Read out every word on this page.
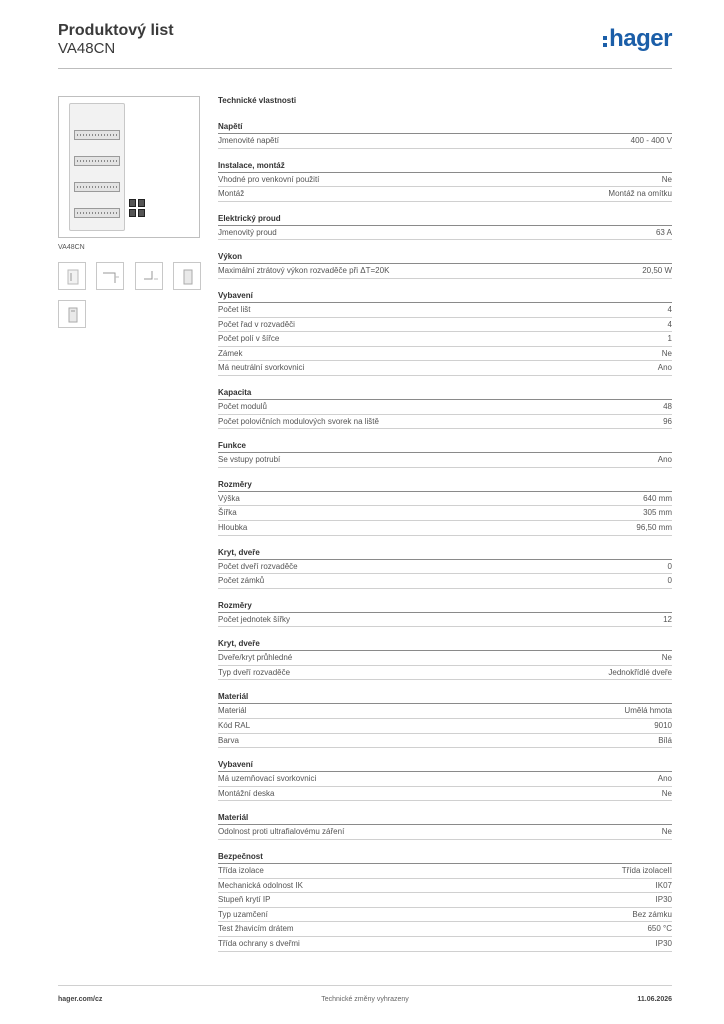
Produktový list
VA48CN	hager
VA48CN
Technické vlastnosti
Napětí
Jmenovité napětí	400 - 400 V
Instalace, montáž
Vhodné pro venkovní použití	Ne
Montáž	Montáž na omítku
Elektrický proud
Jmenovitý proud	63 A
Výkon
Maximální ztrátový výkon rozvaděče při ΔT=20K	20,50 W
Vybavení
Počet lišt	4
Počet řad v rozvaděči	4
Počet polí v šířce	1
Zámek	Ne
Má neutrální svorkovnici	Ano
Kapacita
Počet modulů	48
Počet polovičních modulových svorek na liště	96
Funkce
Se vstupy potrubí	Ano
Rozměry
Výška	640 mm
Šířka	305 mm
Hloubka	96,50 mm
Kryt, dveře
Počet dveří rozvaděče	0
Počet zámků	0
Rozměry
Počet jednotek šířky	12
Kryt, dveře
Dveře/kryt průhledné	Ne
Typ dveří rozvaděče	Jednokřídlé dveře
Materiál
Materiál	Umělá hmota
Kód RAL	9010
Barva	Bílá
Vybavení
Má uzemňovací svorkovnici	Ano
Montážní deska	Ne
Materiál
Odolnost proti ultrafialovému záření	Ne
Bezpečnost
Třída izolace	Třída izolaceII
Mechanická odolnost IK	IK07
Stupeň krytí IP	IP30
Typ uzamčení	Bez zámku
Test žhavicím drátem	650 °C
Třída ochrany s dveřmi	IP30
hager.com/cz	Technické změny vyhrazeny	11.06.2026
